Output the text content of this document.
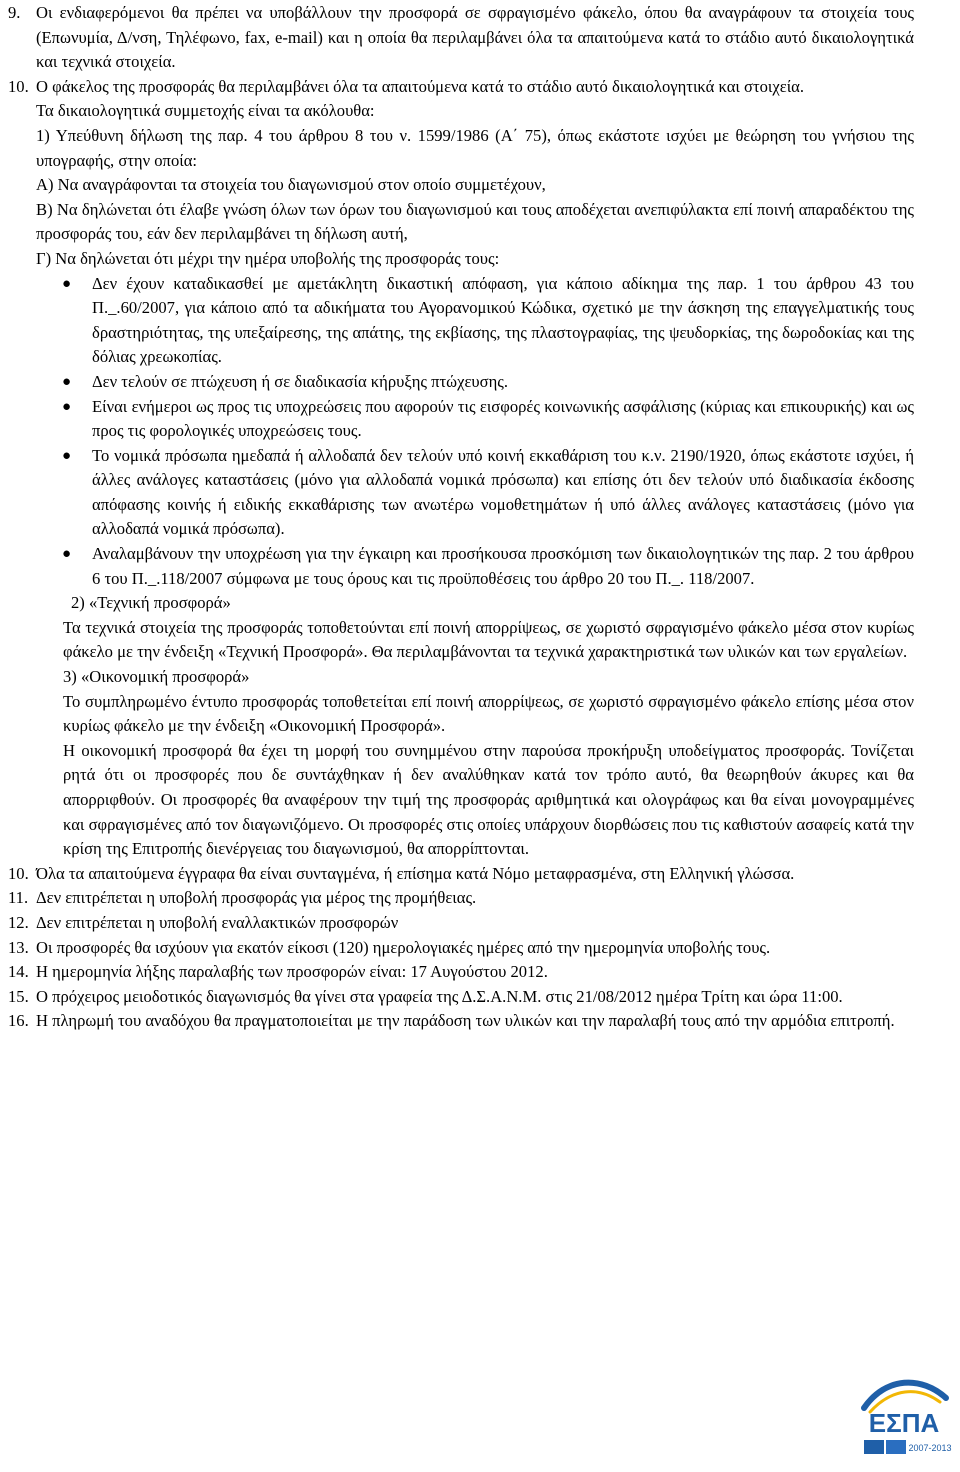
9. Οι ενδιαφερόμενοι θα πρέπει να υποβάλλουν την προσφορά σε σφραγισμένο φάκελο, όπου θα αναγράφουν τα στοιχεία τους (Επωνυμία, Δ/νση, Τηλέφωνο, fax, e-mail) και η οποία θα περιλαμβάνει όλα τα απαιτούμενα κατά το στάδιο αυτό δικαιολογητικά και τεχνικά στοιχεία.
10. Ο φάκελος της προσφοράς θα περιλαμβάνει όλα τα απαιτούμενα κατά το στάδιο αυτό δικαιολογητικά και στοιχεία.
Τα δικαιολογητικά συμμετοχής είναι τα ακόλουθα:
1) Υπεύθυνη δήλωση της παρ. 4 του άρθρου 8 του ν. 1599/1986 (Α΄ 75), όπως εκάστοτε ισχύει με θεώρηση του γνήσιου της υπογραφής, στην οποία:
Α) Να αναγράφονται τα στοιχεία του διαγωνισμού στον οποίο συμμετέχουν,
Β) Να δηλώνεται ότι έλαβε γνώση όλων των όρων του διαγωνισμού και τους αποδέχεται ανεπιφύλακτα επί ποινή απαραδέκτου της προσφοράς του, εάν δεν περιλαμβάνει τη δήλωση αυτή,
Γ) Να δηλώνεται ότι μέχρι την ημέρα υποβολής της προσφοράς τους:
● Δεν έχουν καταδικασθεί με αμετάκλητη δικαστική απόφαση, για κάποιο αδίκημα της παρ. 1 του άρθρου 43 του Π._.60/2007, για κάποιο από τα αδικήματα του Αγορανομικού Κώδικα, σχετικό με την άσκηση της επαγγελματικής τους δραστηριότητας, της υπεξαίρεσης, της απάτης, της εκβίασης, της πλαστογραφίας, της ψευδορκίας, της δωροδοκίας και της δόλιας χρεωκοπίας.
● Δεν τελούν σε πτώχευση ή σε διαδικασία κήρυξης πτώχευσης.
● Είναι ενήμεροι ως προς τις υποχρεώσεις που αφορούν τις εισφορές κοινωνικής ασφάλισης (κύριας και επικουρικής) και ως προς τις φορολογικές υποχρεώσεις τους.
● Το νομικά πρόσωπα ημεδαπά ή αλλοδαπά δεν τελούν υπό κοινή εκκαθάριση του κ.ν. 2190/1920, όπως εκάστοτε ισχύει, ή άλλες ανάλογες καταστάσεις (μόνο για αλλοδαπά νομικά πρόσωπα) και επίσης ότι δεν τελούν υπό διαδικασία έκδοσης απόφασης κοινής ή ειδικής εκκαθάρισης των ανωτέρω νομοθετημάτων ή υπό άλλες ανάλογες καταστάσεις (μόνο για αλλοδαπά νομικά πρόσωπα).
● Αναλαμβάνουν την υποχρέωση για την έγκαιρη και προσήκουσα προσκόμιση των δικαιολογητικών της παρ. 2 του άρθρου 6 του Π._.118/2007 σύμφωνα με τους όρους και τις προϋποθέσεις του άρθρο 20 του Π._. 118/2007.
2) «Τεχνική προσφορά»
Τα τεχνικά στοιχεία της προσφοράς τοποθετούνται επί ποινή απορρίψεως, σε χωριστό σφραγισμένο φάκελο μέσα στον κυρίως φάκελο με την ένδειξη «Τεχνική Προσφορά». Θα περιλαμβάνονται τα τεχνικά χαρακτηριστικά των υλικών και των εργαλείων.
3) «Οικονομική προσφορά»
Το συμπληρωμένο έντυπο προσφοράς τοποθετείται επί ποινή απορρίψεως, σε χωριστό σφραγισμένο φάκελο επίσης μέσα στον κυρίως φάκελο με την ένδειξη «Οικονομική Προσφορά».
Η οικονομική προσφορά θα έχει τη μορφή του συνημμένου στην παρούσα προκήρυξη υποδείγματος προσφοράς. Τονίζεται ρητά ότι οι προσφορές που δε συντάχθηκαν ή δεν αναλύθηκαν κατά τον τρόπο αυτό, θα θεωρηθούν άκυρες και θα απορριφθούν. Οι προσφορές θα αναφέρουν την τιμή της προσφοράς αριθμητικά και ολογράφως και θα είναι μονογραμμένες και σφραγισμένες από τον διαγωνιζόμενο. Οι προσφορές στις οποίες υπάρχουν διορθώσεις που τις καθιστούν ασαφείς κατά την κρίση της Επιτροπής διενέργειας του διαγωνισμού, θα απορρίπτονται.
10. Όλα τα απαιτούμενα έγγραφα θα είναι συνταγμένα, ή επίσημα κατά Νόμο μεταφρασμένα, στη Ελληνική γλώσσα.
11. Δεν επιτρέπεται η υποβολή προσφοράς για μέρος της προμήθειας.
12. Δεν επιτρέπεται η υποβολή εναλλακτικών προσφορών
13. Οι προσφορές θα ισχύουν για εκατόν είκοσι (120) ημερολογιακές ημέρες από την ημερομηνία υποβολής τους.
14. Η ημερομηνία λήξης παραλαβής των προσφορών είναι: 17 Αυγούστου 2012.
15. Ο πρόχειρος μειοδοτικός διαγωνισμός θα γίνει στα γραφεία της Δ.Σ.Α.Ν.Μ. στις 21/08/2012 ημέρα Τρίτη και ώρα 11:00.
16. Η πληρωμή του αναδόχου θα πραγματοποιείται με την παράδοση των υλικών και την παραλαβή τους από την αρμόδια επιτροπή.
ΕΣΠΑ
2007-2013
